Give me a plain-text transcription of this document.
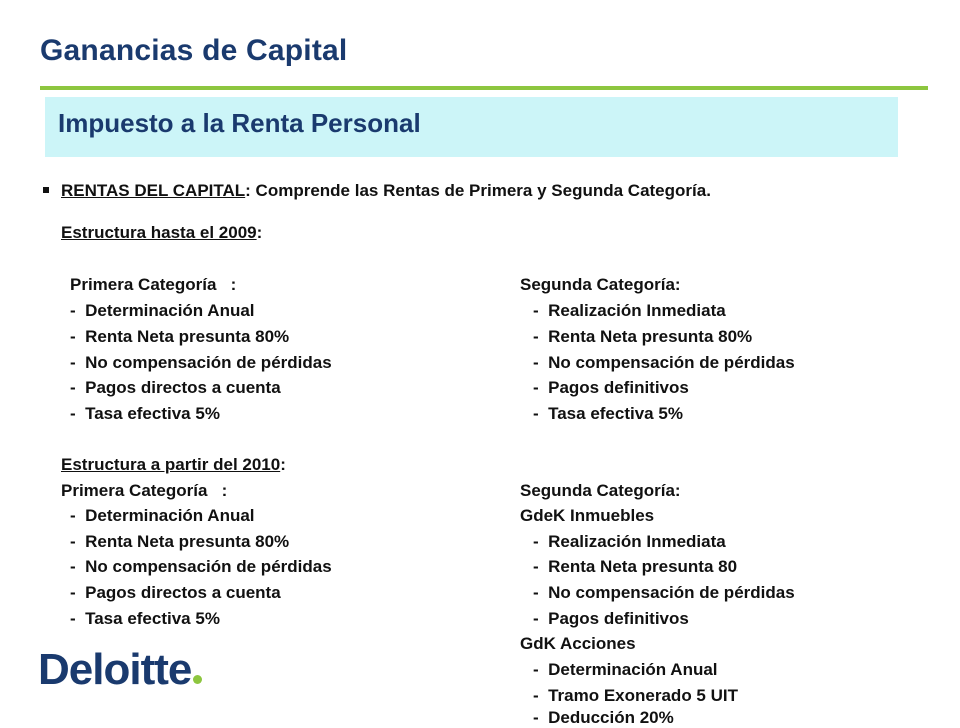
Ganancias de Capital
Impuesto a la Renta Personal
RENTAS DEL CAPITAL: Comprende las Rentas de Primera y Segunda Categoría.
Estructura hasta el 2009:
Primera Categoría   :
-  Determinación Anual
-  Renta Neta presunta 80%
-  No compensación de pérdidas
-  Pagos directos a cuenta
-  Tasa efectiva 5%
Segunda Categoría:
-  Realización Inmediata
-  Renta Neta presunta 80%
-  No compensación de pérdidas
-  Pagos definitivos
-  Tasa efectiva 5%
Estructura a partir del 2010:
Primera Categoría   :
-  Determinación Anual
-  Renta Neta presunta 80%
-  No compensación de pérdidas
-  Pagos directos a cuenta
-  Tasa efectiva 5%
Segunda Categoría:
GdeK Inmuebles
-  Realización Inmediata
-  Renta Neta presunta 80
-  No compensación de pérdidas
-  Pagos definitivos
GdK Acciones
-  Determinación Anual
-  Tramo Exonerado 5 UIT
-  Deducción 20%
Deloitte
